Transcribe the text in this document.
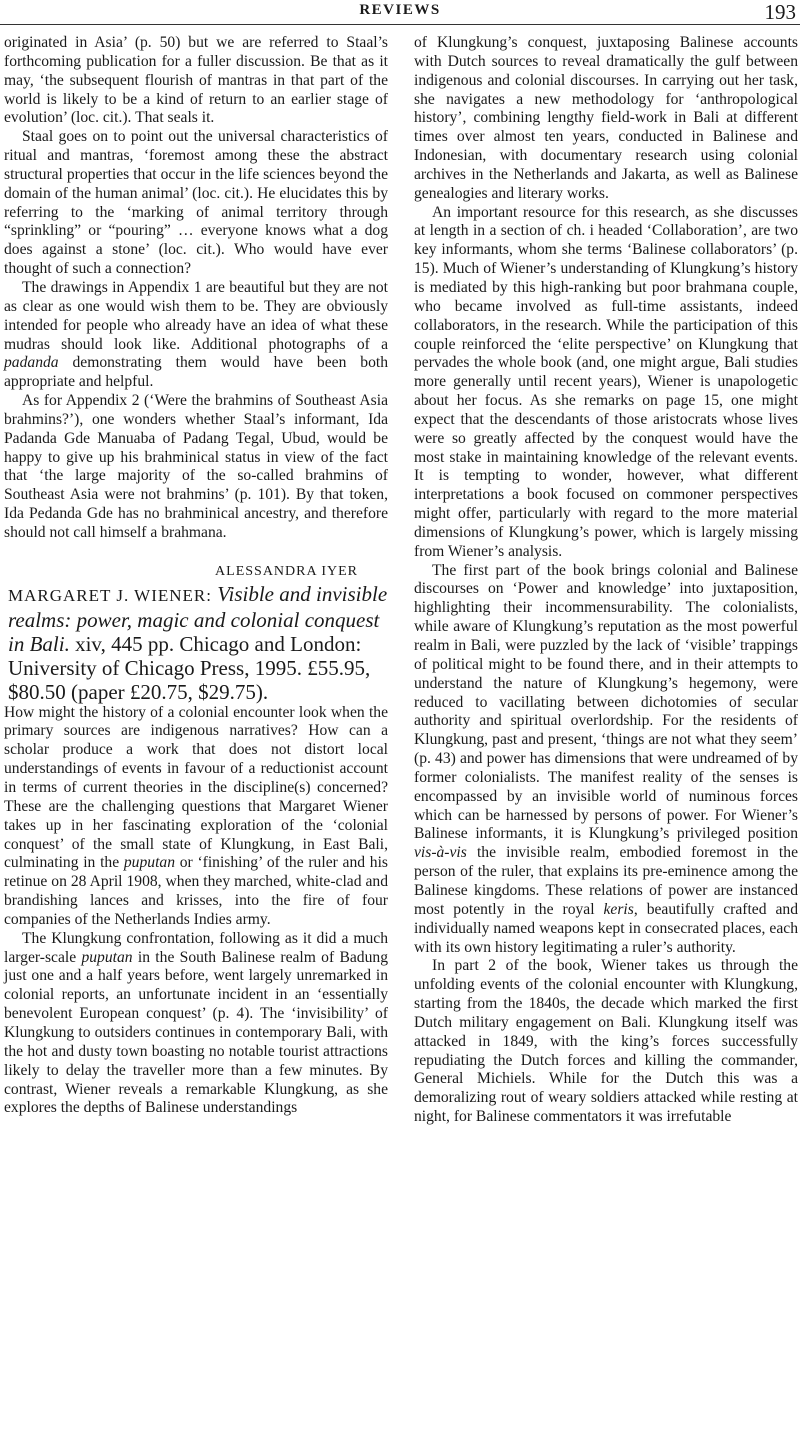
REVIEWS	193

originated in Asia’ (p. 50) but we are referred to Staal’s forthcoming publication for a fuller discussion. Be that as it may, ‘the subsequent flourish of mantras in that part of the world is likely to be a kind of return to an earlier stage of evolution’ (loc. cit.). That seals it.

Staal goes on to point out the universal characteristics of ritual and mantras, ‘foremost among these the abstract structural properties that occur in the life sciences beyond the domain of the human animal’ (loc. cit.). He elucidates this by referring to the ‘marking of animal territory through “sprinkling” or “pouring” … everyone knows what a dog does against a stone’ (loc. cit.). Who would have ever thought of such a connection?

The drawings in Appendix 1 are beautiful but they are not as clear as one would wish them to be. They are obviously intended for people who already have an idea of what these mudras should look like. Additional photographs of a padanda demonstrating them would have been both appropriate and helpful.

As for Appendix 2 (‘Were the brahmins of Southeast Asia brahmins?’), one wonders whether Staal’s informant, Ida Padanda Gde Manuaba of Padang Tegal, Ubud, would be happy to give up his brahminical status in view of the fact that ‘the large majority of the so-called brahmins of Southeast Asia were not brahmins’ (p. 101). By that token, Ida Pedanda Gde has no brahminical ancestry, and therefore should not call himself a brahmana.

ALESSANDRA IYER

MARGARET J. WIENER: Visible and invisible realms: power, magic and colonial conquest in Bali. xiv, 445 pp. Chicago and London: University of Chicago Press, 1995. £55.95, $80.50 (paper £20.75, $29.75).

How might the history of a colonial encounter look when the primary sources are indigenous narratives? How can a scholar produce a work that does not distort local understandings of events in favour of a reductionist account in terms of current theories in the discipline(s) concerned? These are the challenging questions that Margaret Wiener takes up in her fascinating exploration of the ‘colonial conquest’ of the small state of Klungkung, in East Bali, culminating in the puputan or ‘finishing’ of the ruler and his retinue on 28 April 1908, when they marched, white-clad and brandishing lances and krisses, into the fire of four companies of the Netherlands Indies army.

The Klungkung confrontation, following as it did a much larger-scale puputan in the South Balinese realm of Badung just one and a half years before, went largely unremarked in colonial reports, an unfortunate incident in an ‘essentially benevolent European conquest’ (p. 4). The ‘invisibility’ of Klungkung to outsiders continues in contemporary Bali, with the hot and dusty town boasting no notable tourist attractions likely to delay the traveller more than a few minutes. By contrast, Wiener reveals a remarkable Klungkung, as she explores the depths of Balinese understandings

of Klungkung’s conquest, juxtaposing Balinese accounts with Dutch sources to reveal dramatically the gulf between indigenous and colonial discourses. In carrying out her task, she navigates a new methodology for ‘anthropological history’, combining lengthy field-work in Bali at different times over almost ten years, conducted in Balinese and Indonesian, with documentary research using colonial archives in the Netherlands and Jakarta, as well as Balinese genealogies and literary works.

An important resource for this research, as she discusses at length in a section of ch. i headed ‘Collaboration’, are two key informants, whom she terms ‘Balinese collaborators’ (p. 15). Much of Wiener’s understanding of Klungkung’s history is mediated by this high-ranking but poor brahmana couple, who became involved as full-time assistants, indeed collaborators, in the research. While the participation of this couple reinforced the ‘elite perspective’ on Klungkung that pervades the whole book (and, one might argue, Bali studies more generally until recent years), Wiener is unapologetic about her focus. As she remarks on page 15, one might expect that the descendants of those aristocrats whose lives were so greatly affected by the conquest would have the most stake in maintaining knowledge of the relevant events. It is tempting to wonder, however, what different interpretations a book focused on commoner perspectives might offer, particularly with regard to the more material dimensions of Klungkung’s power, which is largely missing from Wiener’s analysis.

The first part of the book brings colonial and Balinese discourses on ‘Power and knowledge’ into juxtaposition, highlighting their incommensurability. The colonialists, while aware of Klungkung’s reputation as the most powerful realm in Bali, were puzzled by the lack of ‘visible’ trappings of political might to be found there, and in their attempts to understand the nature of Klungkung’s hegemony, were reduced to vacillating between dichotomies of secular authority and spiritual overlordship. For the residents of Klungkung, past and present, ‘things are not what they seem’ (p. 43) and power has dimensions that were undreamed of by former colonialists. The manifest reality of the senses is encompassed by an invisible world of numinous forces which can be harnessed by persons of power. For Wiener’s Balinese informants, it is Klungkung’s privileged position vis-à-vis the invisible realm, embodied foremost in the person of the ruler, that explains its pre-eminence among the Balinese kingdoms. These relations of power are instanced most potently in the royal keris, beautifully crafted and individually named weapons kept in consecrated places, each with its own history legitimating a ruler’s authority.

In part 2 of the book, Wiener takes us through the unfolding events of the colonial encounter with Klungkung, starting from the 1840s, the decade which marked the first Dutch military engagement on Bali. Klungkung itself was attacked in 1849, with the king’s forces successfully repudiating the Dutch forces and killing the commander, General Michiels. While for the Dutch this was a demoralizing rout of weary soldiers attacked while resting at night, for Balinese commentators it was irrefutable
